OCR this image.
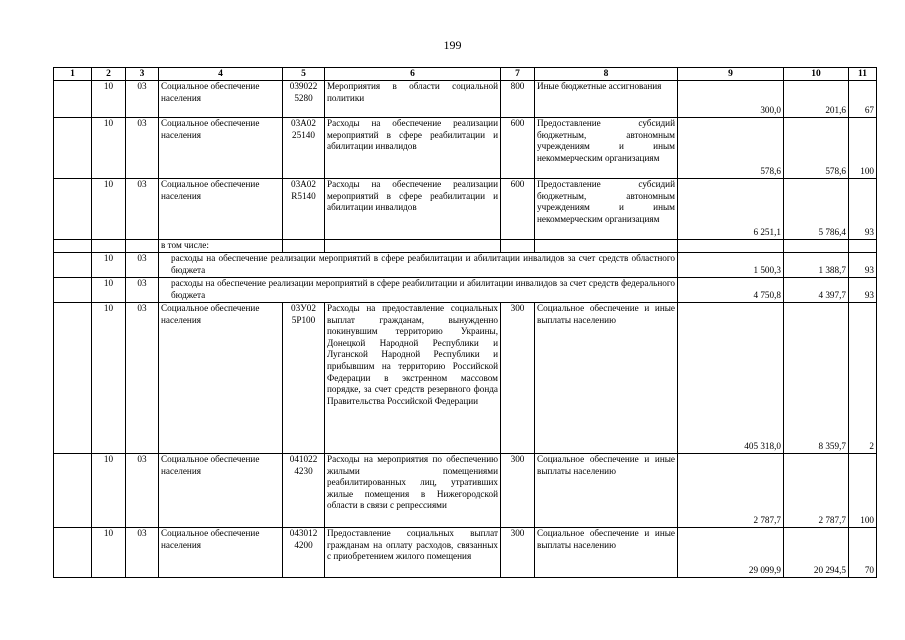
199
1	2	3	4	5	6	7	8	9	10	11
	10	03	Социальное обеспечение населения	039022 5280	Мероприятия в области социальной политики	800	Иные бюджетные ассигнования	300,0	201,6	67
	10	03	Социальное обеспечение населения	03А02 25140	Расходы на обеспечение реализации мероприятий в сфере реабилитации и абилитации инвалидов	600	Предоставление субсидий бюджетным, автономным учреждениям и иным некоммерческим организациям	578,6	578,6	100
	10	03	Социальное обеспечение населения	03А02 R5140	Расходы на обеспечение реализации мероприятий в сфере реабилитации и абилитации инвалидов	600	Предоставление субсидий бюджетным, автономным учреждениям и иным некоммерческим организациям	6 251,1	5 786,4	93
			в том числе:							
	10	03	расходы на обеспечение реализации мероприятий в сфере реабилитации и абилитации инвалидов за счет средств областного бюджета					1 500,3	1 388,7	93
	10	03	расходы на обеспечение реализации мероприятий в сфере реабилитации и абилитации инвалидов за счет средств федерального бюджета					4 750,8	4 397,7	93
	10	03	Социальное обеспечение населения	03У02 5Р100	Расходы на предоставление социальных выплат гражданам, вынужденно покинувшим территорию Украины, Донецкой Народной Республики и Луганской Народной Республики и прибывшим на территорию Российской Федерации в экстренном массовом порядке, за счет средств резервного фонда Правительства Российской Федерации	300	Социальное обеспечение и иные выплаты населению	405 318,0	8 359,7	2
	10	03	Социальное обеспечение населения	041022 4230	Расходы на мероприятия по обеспечению жилыми помещениями реабилитированных лиц, утративших жилые помещения в Нижегородской области в связи с репрессиями	300	Социальное обеспечение и иные выплаты населению	2 787,7	2 787,7	100
	10	03	Социальное обеспечение населения	043012 4200	Предоставление социальных выплат гражданам на оплату расходов, связанных с приобретением жилого помещения	300	Социальное обеспечение и иные выплаты населению	29 099,9	20 294,5	70
